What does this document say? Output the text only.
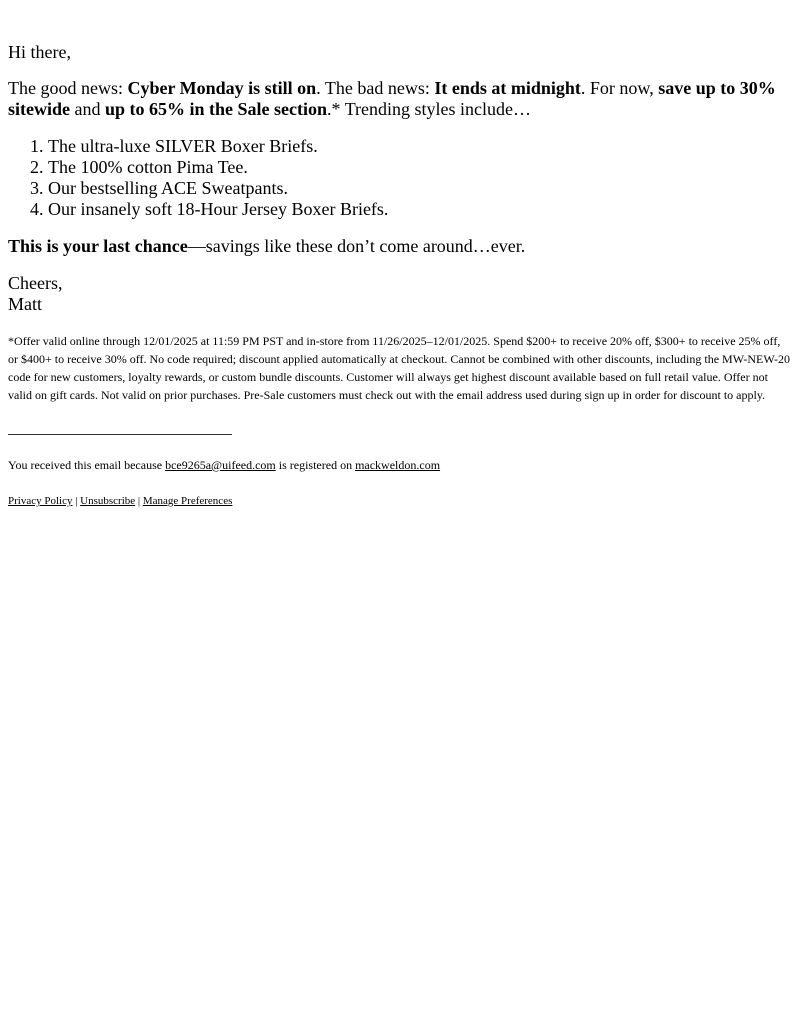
Hi there,

The good news: Cyber Monday is still on. The bad news: It ends at midnight. For now, save up to 30% sitewide and up to 65% in the Sale section.* Trending styles include…

1. The ultra-luxe SILVER Boxer Briefs.
2. The 100% cotton Pima Tee.
3. Our bestselling ACE Sweatpants.
4. Our insanely soft 18-Hour Jersey Boxer Briefs.

This is your last chance—savings like these don’t come around…ever.

Cheers,
Matt

*Offer valid online through 12/01/2025 at 11:59 PM PST and in-store from 11/26/2025–12/01/2025. Spend $200+ to receive 20% off, $300+ to receive 25% off, or $400+ to receive 30% off. No code required; discount applied automatically at checkout. Cannot be combined with other discounts, including the MW-NEW-20 code for new customers, loyalty rewards, or custom bundle discounts. Customer will always get highest discount available based on full retail value. Offer not valid on gift cards. Not valid on prior purchases. Pre-Sale customers must check out with the email address used during sign up in order for discount to apply.

You received this email because bce9265a@uifeed.com is registered on mackweldon.com

Privacy Policy | Unsubscribe | Manage Preferences
